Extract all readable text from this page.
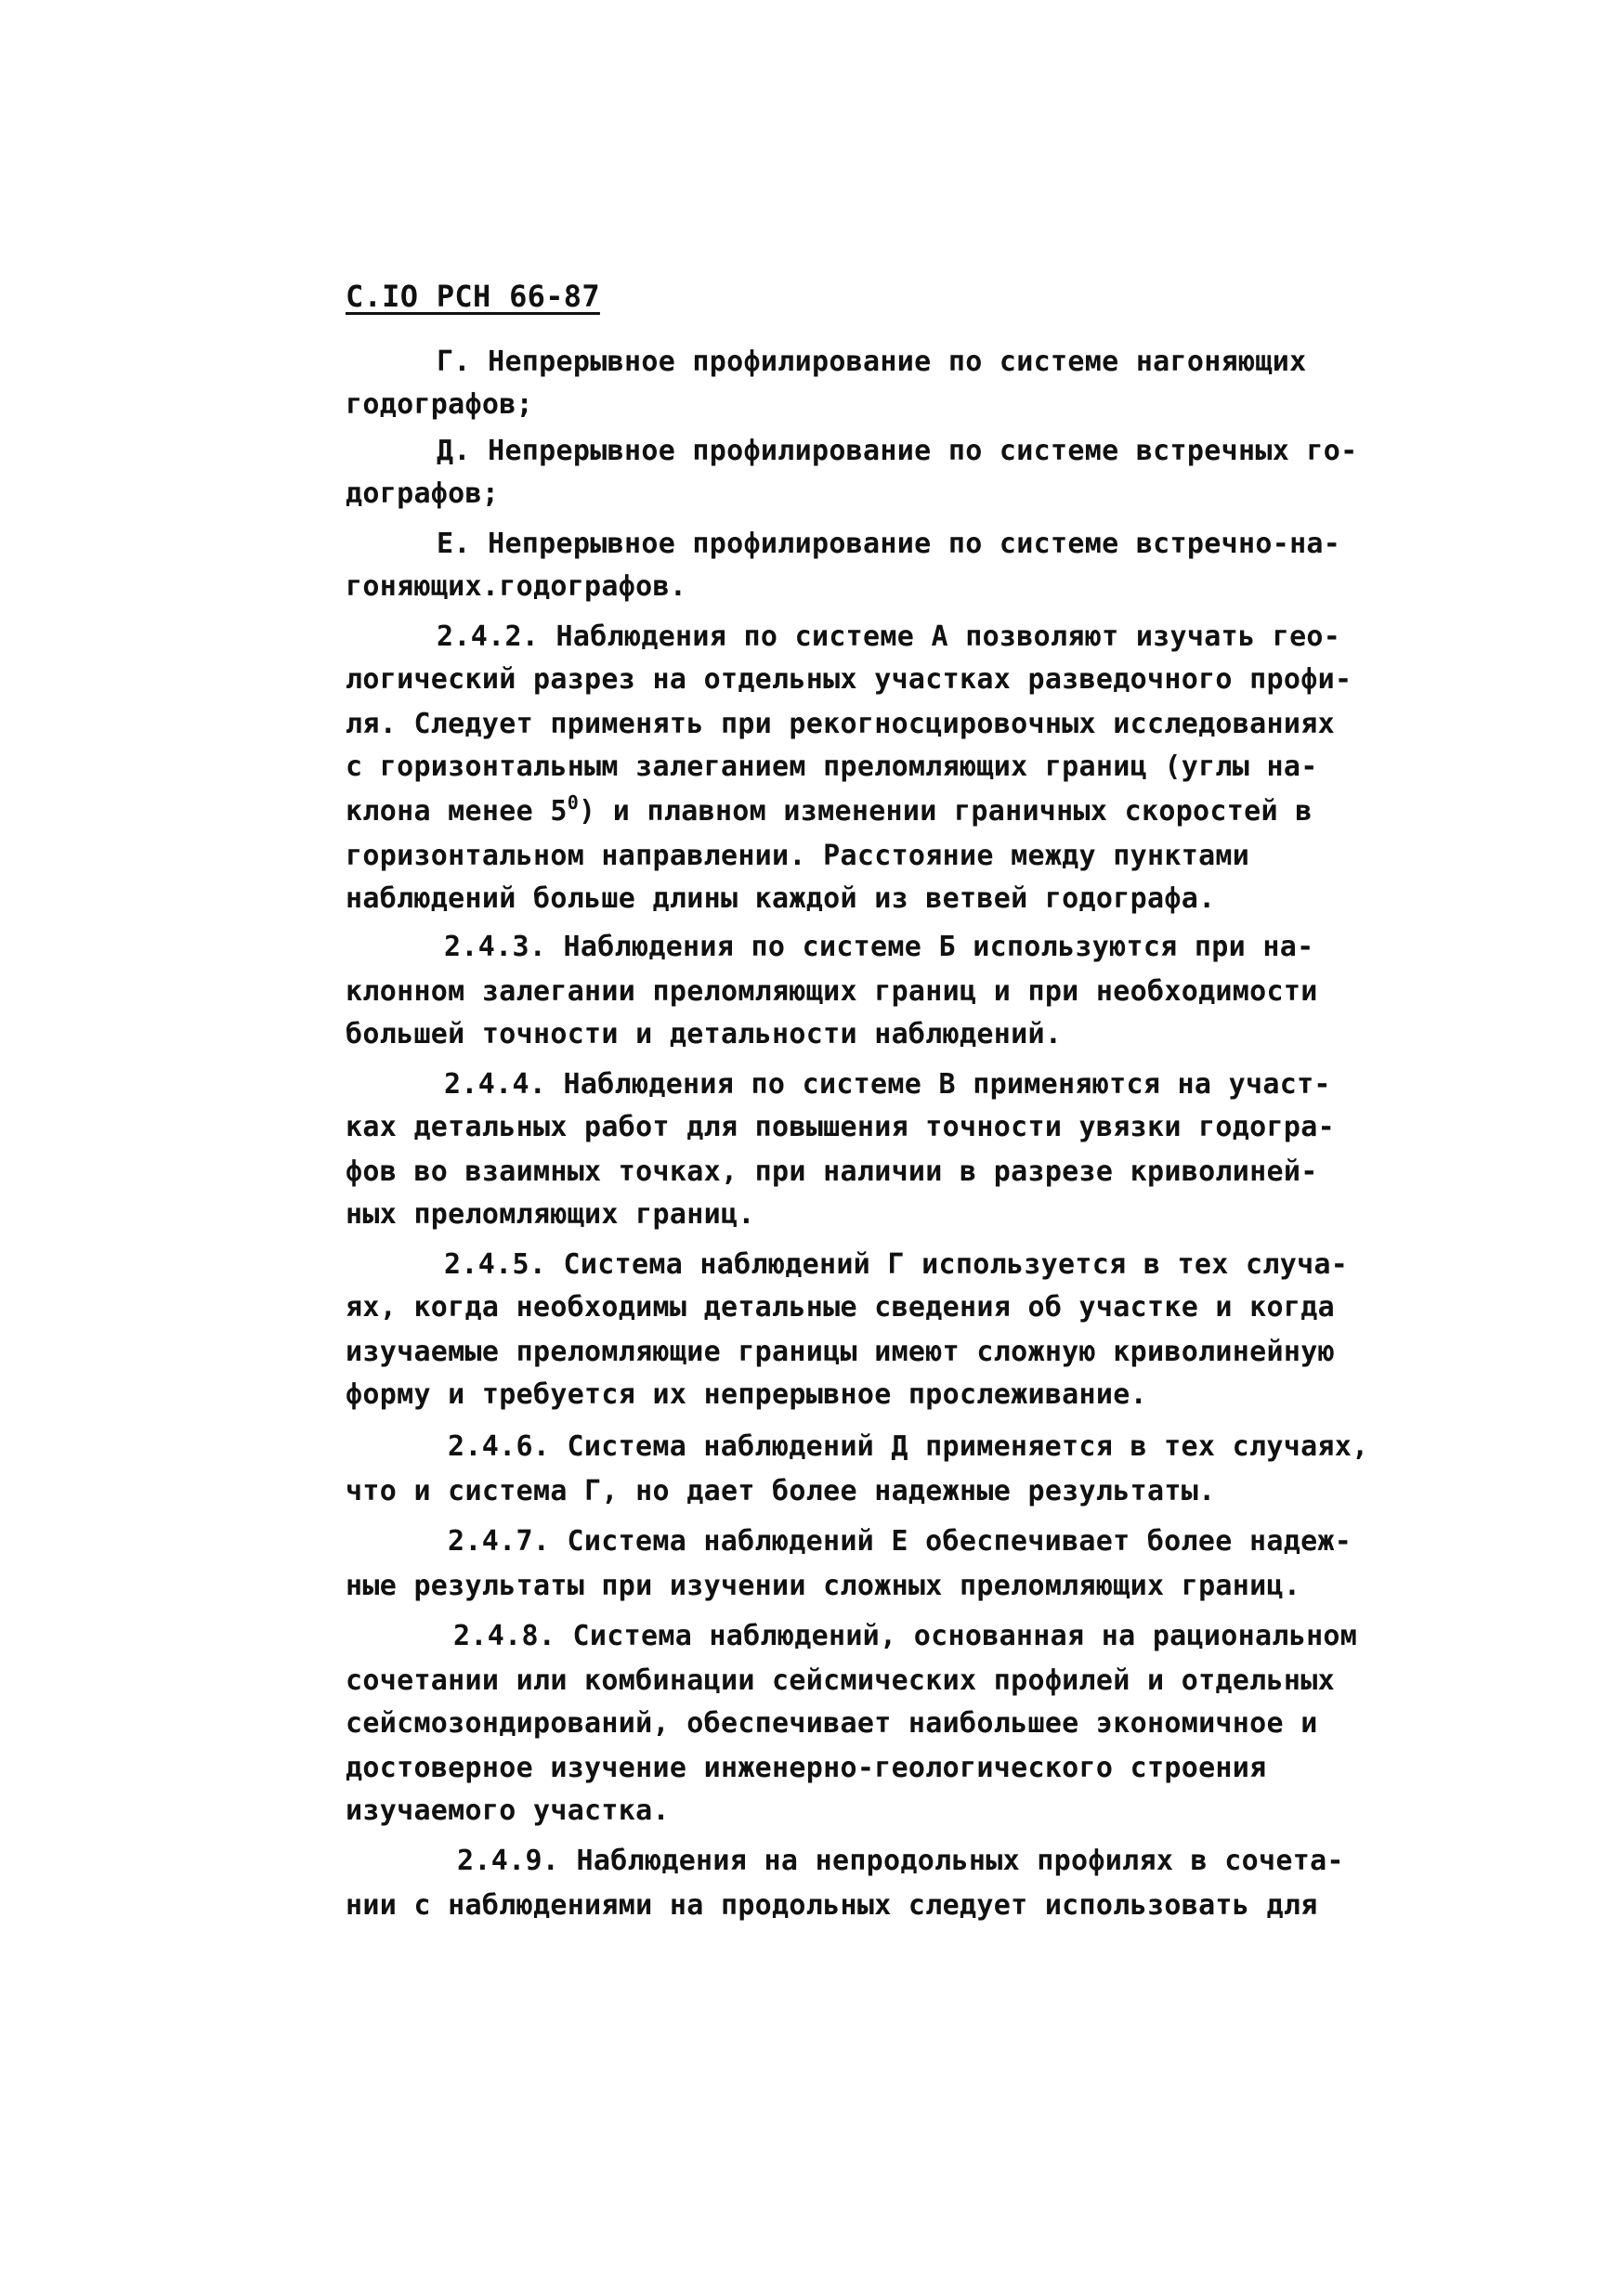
С.IO РСН 66-87
Г. Непрерывное профилирование по системе нагоняющих
годографов;
Д. Непрерывное профилирование по системе встречных го-
дографов;
Е. Непрерывное профилирование по системе встречно-на-
гоняющих.годографов.
2.4.2. Наблюдения по системе А позволяют изучать гео-
логический разрез на отдельных участках разведочного профи-
ля. Следует применять при рекогносцировочных исследованиях
с горизонтальным залеганием преломляющих границ (углы на-
клона менее $5^0$) и плавном изменении граничных скоростей в
горизонтальном направлении. Расстояние между пунктами
наблюдений больше длины каждой из ветвей годографа.
2.4.3. Наблюдения по системе Б используются при на-
клонном залегании преломляющих границ и при необходимости
большей точности и детальности наблюдений.
2.4.4. Наблюдения по системе В применяются на участ-
ках детальных работ для повышения точности увязки годогра-
фов во взаимных точках, при наличии в разрезе криволиней-
ных преломляющих границ.
2.4.5. Система наблюдений Г используется в тех случа-
ях, когда необходимы детальные сведения об участке и когда
изучаемые преломляющие границы имеют сложную криволинейную
форму и требуется их непрерывное прослеживание.
2.4.6. Система наблюдений Д применяется в тех случаях,
что и система Г, но дает более надежные результаты.
2.4.7. Система наблюдений Е обеспечивает более надеж-
ные результаты при изучении сложных преломляющих границ.
2.4.8. Система наблюдений, основанная на рациональном
сочетании или комбинации сейсмических профилей и отдельных
сейсмозондирований, обеспечивает наибольшее экономичное и
достоверное изучение инженерно-геологического строения
изучаемого участка.
2.4.9. Наблюдения на непродольных профилях в сочета-
нии с наблюдениями на продольных следует использовать для
